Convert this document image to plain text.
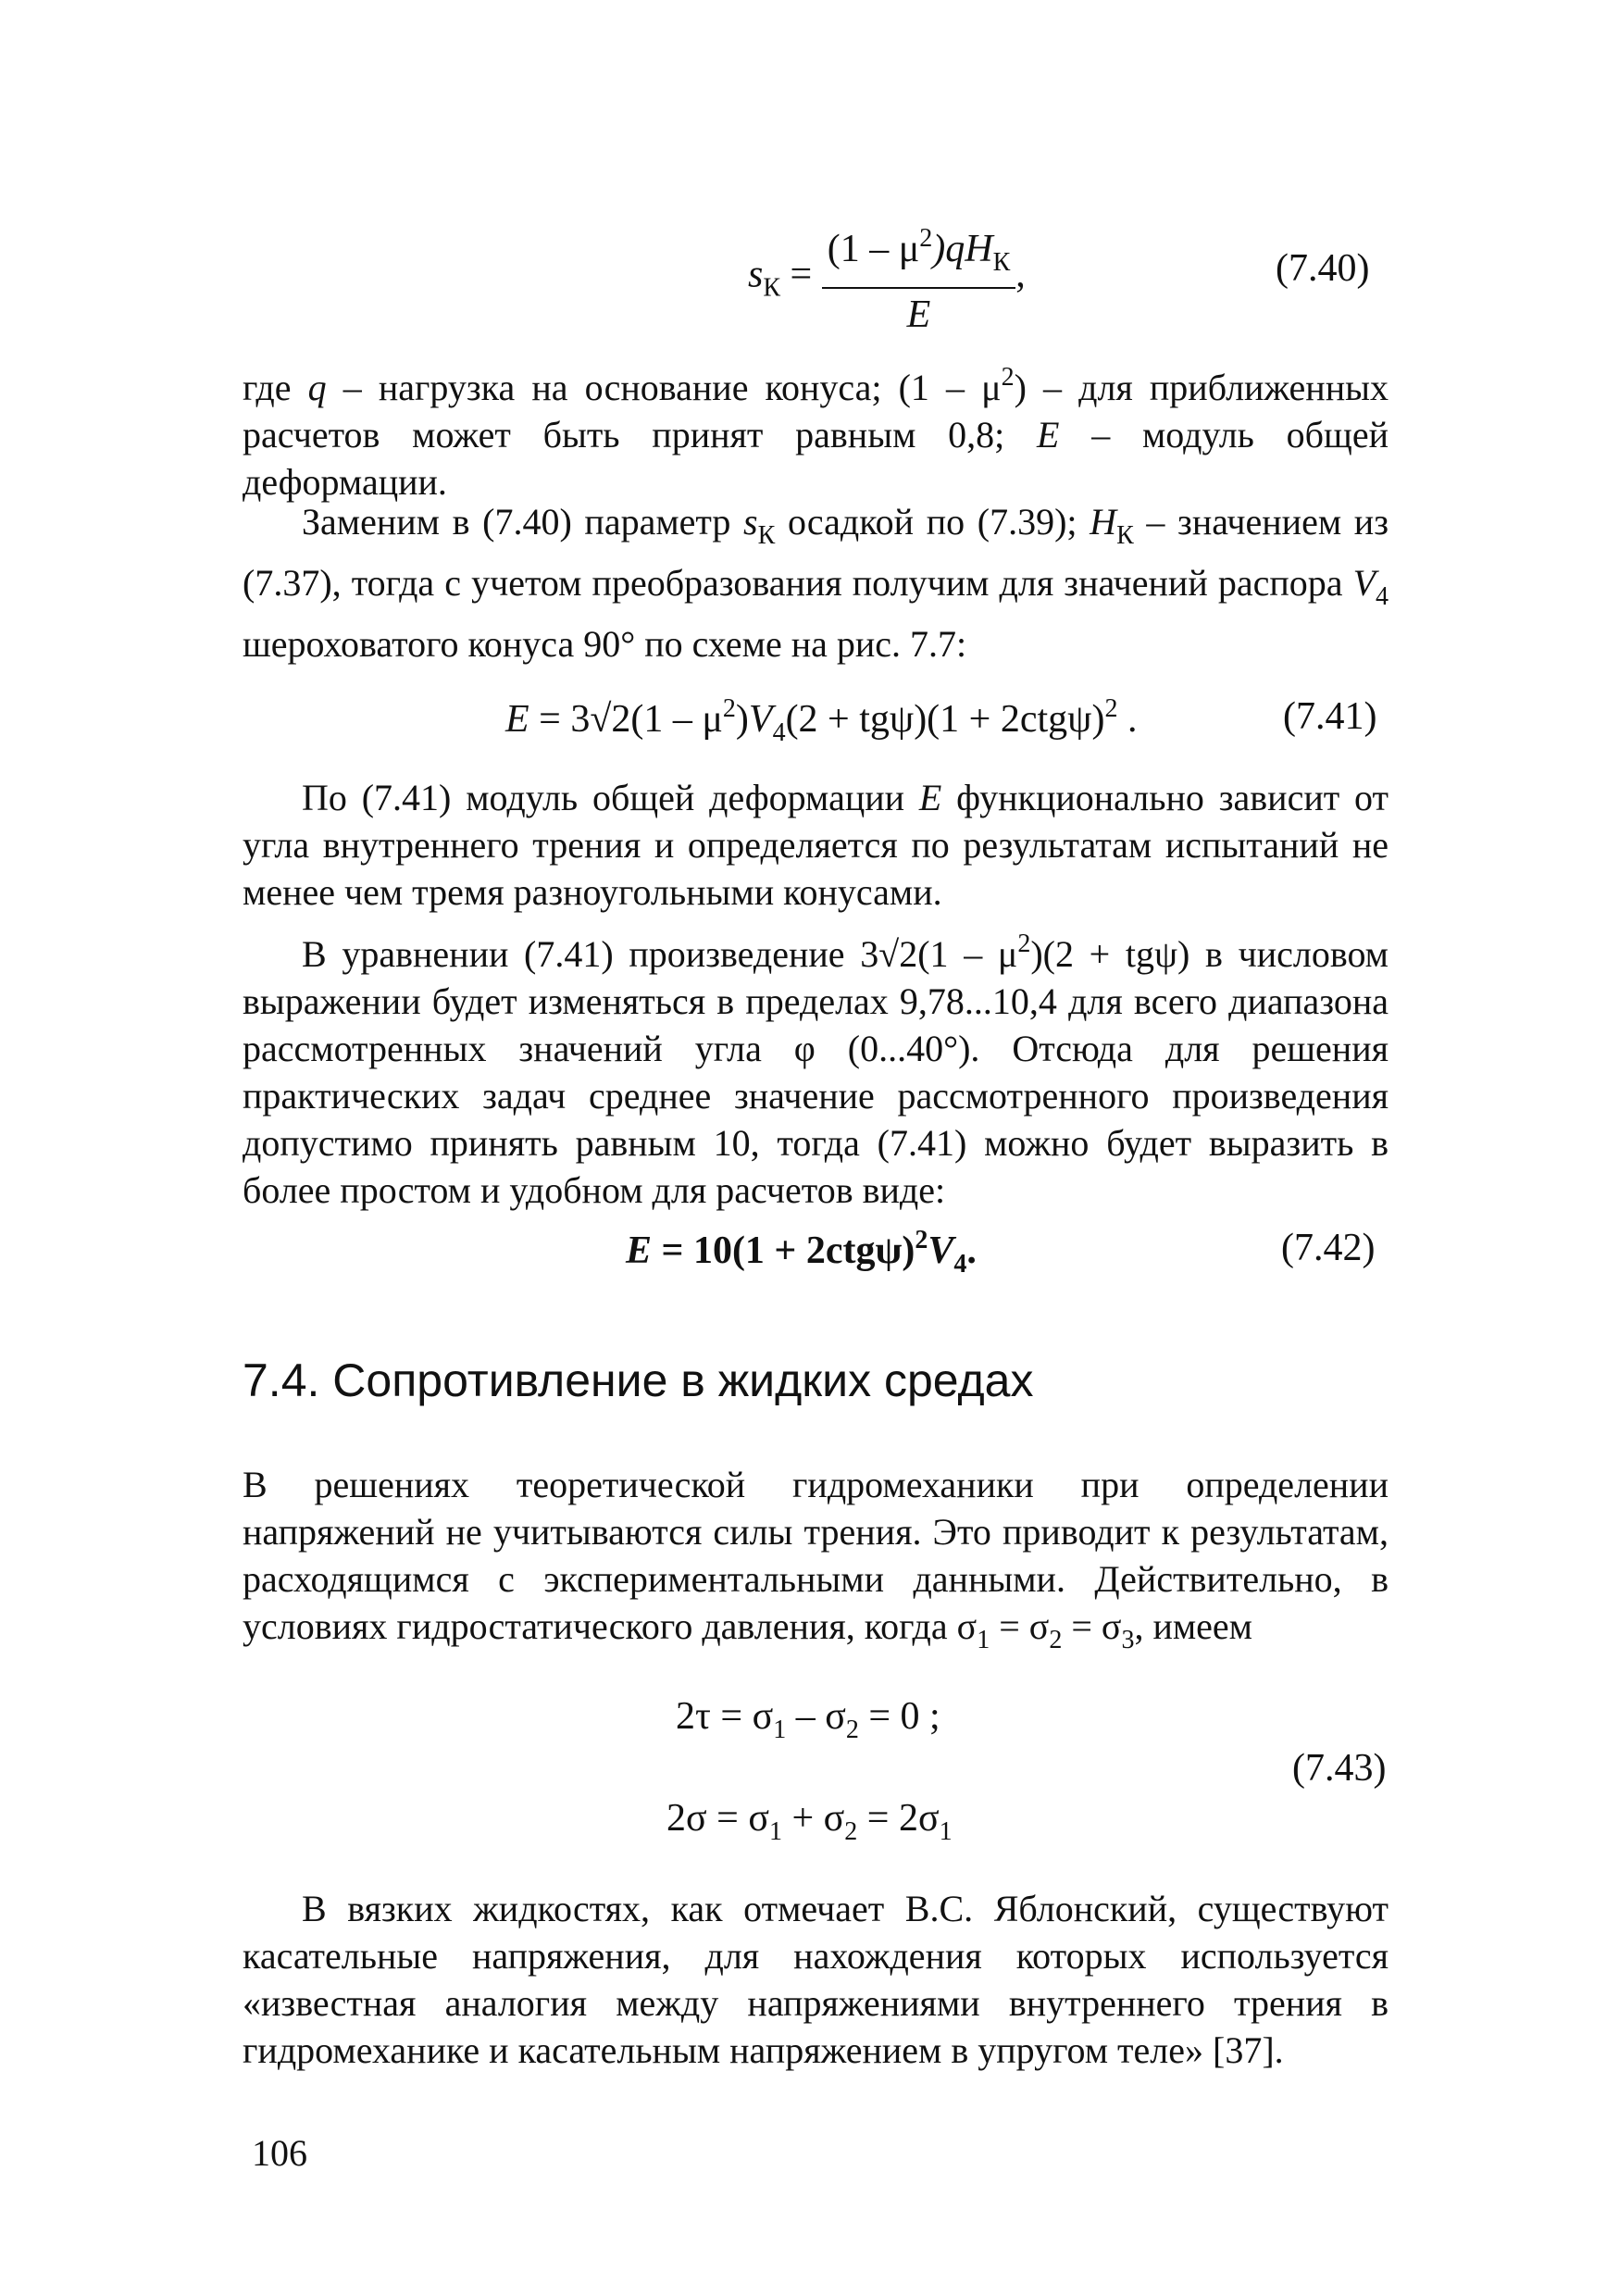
$s_К = \frac{(1 - \mu^2)qH_К}{E}$ ,	(7.40)

где q – нагрузка на основание конуса; $(1 - \mu^2)$ – для приближенных расчетов может быть принят равным 0,8; E – модуль общей деформации.

Заменим в (7.40) параметр $s_К$ осадкой по (7.39); $H_К$ – значением из (7.37), тогда с учетом преобразования получим для значений распора $V_4$ шероховатого конуса 90° по схеме на рис. 7.7:

$E = 3√2(1 - \mu^2)V_4(2 + tg\psi)(1 + 2ctg\psi)^2$ .	(7.41)

По (7.41) модуль общей деформации E функционально зависит от угла внутреннего трения и определяется по результатам испытаний не менее чем тремя разноугольными конусами.

В уравнении (7.41) произведение $3√2(1 - \mu^2)(2 + tg\psi)$ в числовом выражении будет изменяться в пределах 9,78...10,4 для всего диапазона рассмотренных значений угла φ (0...40°). Отсюда для решения практических задач среднее значение рассмотренного произведения допустимо принять равным 10, тогда (7.41) можно будет выразить в более простом и удобном для расчетов виде:

$E = 10(1 + 2ctg\psi)^2V_4$.	(7.42)
7.4. Сопротивление в жидких средах

В решениях теоретической гидромеханики при определении напряжений не учитываются силы трения. Это приводит к результатам, расходящимся с экспериментальными данными. Действительно, в условиях гидростатического давления, когда $\sigma_1 = \sigma_2 = \sigma_3$, имеем

$2\tau = \sigma_1 - \sigma_2 = 0$ ;
$2\sigma = \sigma_1 + \sigma_2 = 2\sigma_1$
(7.43)

В вязких жидкостях, как отмечает В.С. Яблонский, существуют касательные напряжения, для нахождения которых используется «известная аналогия между напряжениями внутреннего трения в гидромеханике и касательным напряжением в упругом теле» [37].

106
